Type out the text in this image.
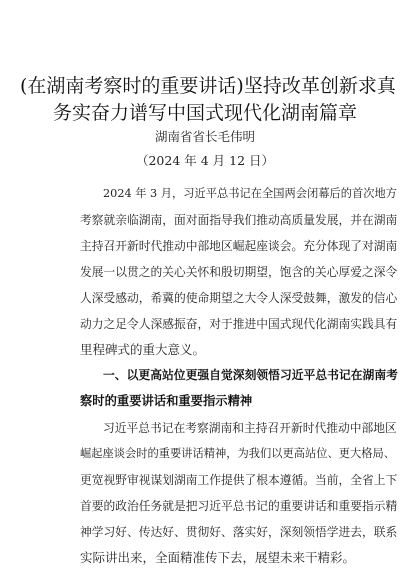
(在湖南考察时的重要讲话)坚持改革创新求真
务实奋力谱写中国式现代化湖南篇章
湖南省省长毛伟明
（2024 年 4 月 12 日）
2024 年 3 月，习近平总书记在全国两会闭幕后的首次地方
考察就亲临湖南，面对面指导我们推动高质量发展，并在湖南
主持召开新时代推动中部地区崛起座谈会。充分体现了对湖南
发展一以贯之的关心关怀和殷切期望，饱含的关心厚爱之深令
人深受感动，希冀的使命期望之大令人深受鼓舞，激发的信心
动力之足令人深感振奋，对于推进中国式现代化湖南实践具有
里程碑式的重大意义。
一、以更高站位更强自觉深刻领悟习近平总书记在湖南考
察时的重要讲话和重要指示精神
习近平总书记在考察湖南和主持召开新时代推动中部地区
崛起座谈会时的重要讲话精神，为我们以更高站位、更大格局、
更宽视野审视谋划湖南工作提供了根本遵循。当前，全省上下
首要的政治任务就是把习近平总书记的重要讲话和重要指示精
神学习好、传达好、贯彻好、落实好，深刻领悟学进去，联系
实际讲出来，全面精准传下去，展望未来干精彩。
